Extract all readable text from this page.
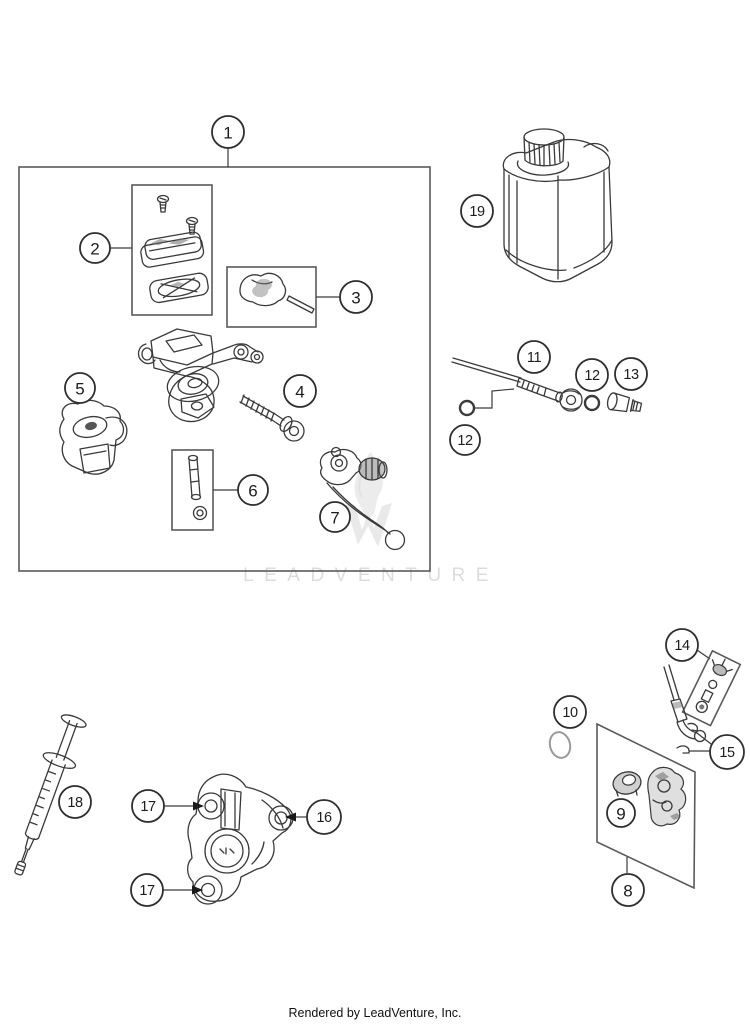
LEADVENTURE
1
2
3
4
5
6
7
8
9
10
11
12
12
13
14
15
16
17
17
18
19
Rendered by LeadVenture, Inc.
